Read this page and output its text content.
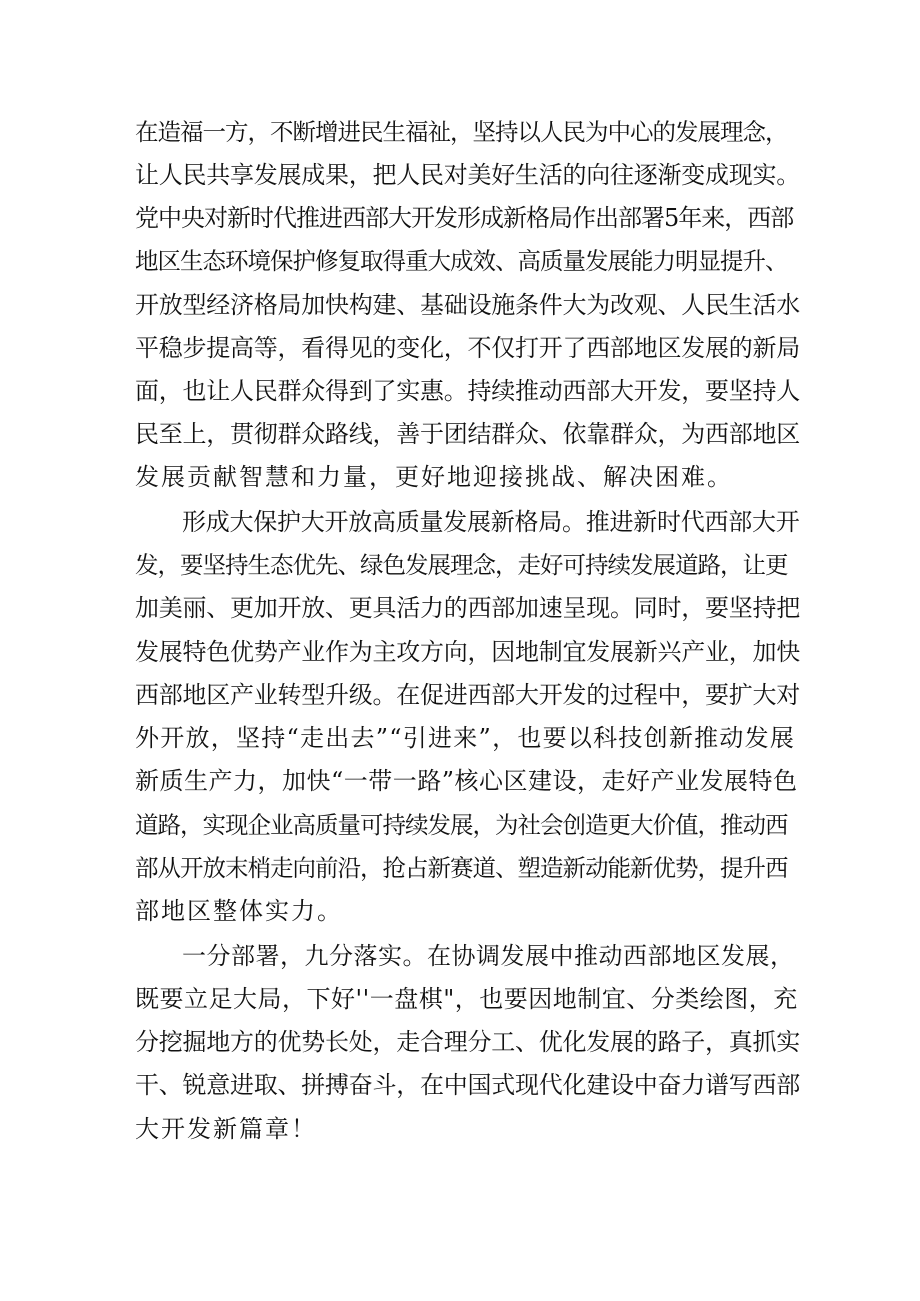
在造福一方，不断增进民生福祉，坚持以人民为中心的发展理念，
让人民共享发展成果，把人民对美好生活的向往逐渐变成现实。
党中央对新时代推进西部大开发形成新格局作出部署5年来，西部
地区生态环境保护修复取得重大成效、高质量发展能力明显提升、
开放型经济格局加快构建、基础设施条件大为改观、人民生活水
平稳步提高等，看得见的变化，不仅打开了西部地区发展的新局
面，也让人民群众得到了实惠。持续推动西部大开发，要坚持人
民至上，贯彻群众路线，善于团结群众、依靠群众，为西部地区
发展贡献智慧和力量，更好地迎接挑战、解决困难。
形成大保护大开放高质量发展新格局。推进新时代西部大开
发，要坚持生态优先、绿色发展理念，走好可持续发展道路，让更
加美丽、更加开放、更具活力的西部加速呈现。同时，要坚持把
发展特色优势产业作为主攻方向，因地制宜发展新兴产业，加快
西部地区产业转型升级。在促进西部大开发的过程中，要扩大对
外开放，坚持“走出去”“引进来”，也要以科技创新推动发展
新质生产力，加快“一带一路”核心区建设，走好产业发展特色
道路，实现企业高质量可持续发展，为社会创造更大价值，推动西
部从开放末梢走向前沿，抢占新赛道、塑造新动能新优势，提升西
部地区整体实力。
一分部署，九分落实。在协调发展中推动西部地区发展，
既要立足大局，下好''一盘棋"，也要因地制宜、分类绘图，充
分挖掘地方的优势长处，走合理分工、优化发展的路子，真抓实
干、锐意进取、拼搏奋斗，在中国式现代化建设中奋力谱写西部
大开发新篇章！
